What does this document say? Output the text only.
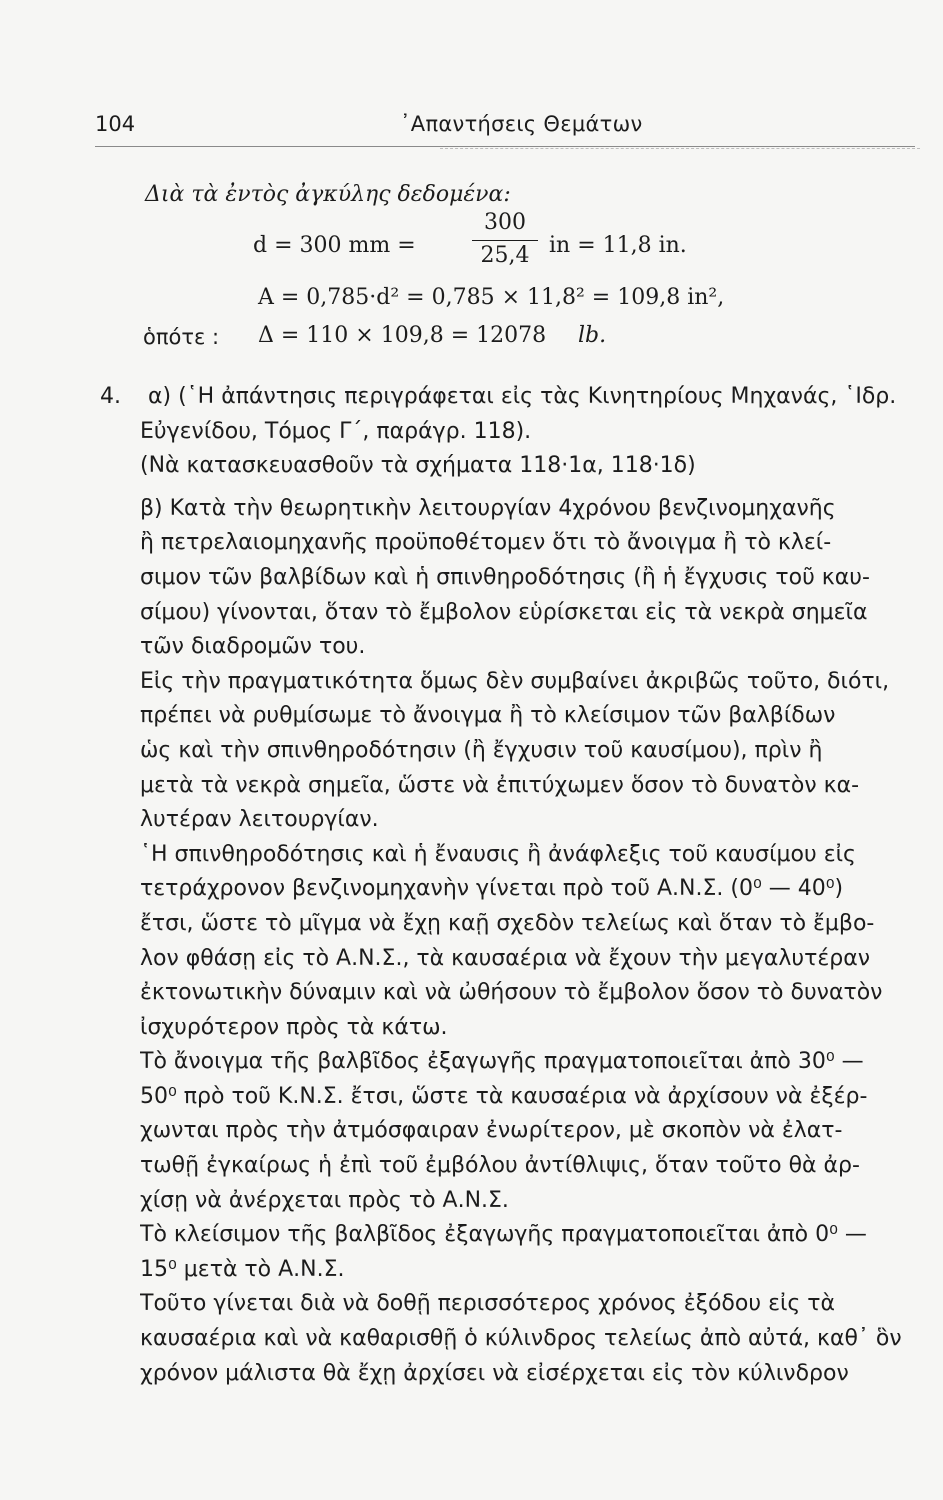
104	᾿Απαντήσεις Θεμάτων
Διὰ τὰ ἐντὸς ἀγκύλης δεδομένα:
d = 300 mm =
300
25,4 in = 11,8 in.
A = 0,785·d² = 0,785 × 11,8² = 109,8 in²,
ὁπότε : Δ = 110 × 109,8 = 12078 lb.
4. α) (῾Η ἀπάντησις περιγράφεται εἰς τὰς Κινητηρίους Μηχανάς, ῾Ιδρ.
Εὐγενίδου, Τόμος Γ΄, παράγρ. 118).
(Νὰ κατασκευασθοῦν τὰ σχήματα 118·1α, 118·1δ)
β) Κατὰ τὴν θεωρητικὴν λειτουργίαν 4χρόνου βενζινομηχανῆς
ἢ πετρελαιομηχανῆς προϋποθέτομεν ὅτι τὸ ἄνοιγμα ἢ τὸ κλεί-
σιμον τῶν βαλβίδων καὶ ἡ σπινθηροδότησις (ἢ ἡ ἔγχυσις τοῦ καυ-
σίμου) γίνονται, ὅταν τὸ ἔμβολον εὑρίσκεται εἰς τὰ νεκρὰ σημεῖα
τῶν διαδρομῶν του.
Εἰς τὴν πραγματικότητα ὅμως δὲν συμβαίνει ἀκριβῶς τοῦτο, διότι,
πρέπει νὰ ρυθμίσωμε τὸ ἄνοιγμα ἢ τὸ κλείσιμον τῶν βαλβίδων
ὡς καὶ τὴν σπινθηροδότησιν (ἢ ἔγχυσιν τοῦ καυσίμου), πρὶν ἢ
μετὰ τὰ νεκρὰ σημεῖα, ὥστε νὰ ἐπιτύχωμεν ὅσον τὸ δυνατὸν κα-
λυτέραν λειτουργίαν.
῾Η σπινθηροδότησις καὶ ἡ ἔναυσις ἢ ἀνάφλεξις τοῦ καυσίμου εἰς
τετράχρονον βενζινομηχανὴν γίνεται πρὸ τοῦ Α.Ν.Σ. (0⁰ — 40⁰)
ἔτσι, ὥστε τὸ μῖγμα νὰ ἔχῃ καῇ σχεδὸν τελείως καὶ ὅταν τὸ ἔμβο-
λον φθάσῃ εἰς τὸ Α.Ν.Σ., τὰ καυσαέρια νὰ ἔχουν τὴν μεγαλυτέραν
ἐκτονωτικὴν δύναμιν καὶ νὰ ὠθήσουν τὸ ἔμβολον ὅσον τὸ δυνατὸν
ἰσχυρότερον πρὸς τὰ κάτω.
Τὸ ἄνοιγμα τῆς βαλβῖδος ἐξαγωγῆς πραγματοποιεῖται ἀπὸ 30⁰ —
50⁰ πρὸ τοῦ Κ.Ν.Σ. ἔτσι, ὥστε τὰ καυσαέρια νὰ ἀρχίσουν νὰ ἐξέρ-
χωνται πρὸς τὴν ἀτμόσφαιραν ἐνωρίτερον, μὲ σκοπὸν νὰ ἐλατ-
τωθῇ ἐγκαίρως ἡ ἐπὶ τοῦ ἐμβόλου ἀντίθλιψις, ὅταν τοῦτο θὰ ἀρ-
χίσῃ νὰ ἀνέρχεται πρὸς τὸ Α.Ν.Σ.
Τὸ κλείσιμον τῆς βαλβῖδος ἐξαγωγῆς πραγματοποιεῖται ἀπὸ 0⁰ —
15⁰ μετὰ τὸ Α.Ν.Σ.
Τοῦτο γίνεται διὰ νὰ δοθῇ περισσότερος χρόνος ἐξόδου εἰς τὰ
καυσαέρια καὶ νὰ καθαρισθῇ ὁ κύλινδρος τελείως ἀπὸ αὐτά, καθ᾿ ὃν
χρόνον μάλιστα θὰ ἔχῃ ἀρχίσει νὰ εἰσέρχεται εἰς τὸν κύλινδρον
